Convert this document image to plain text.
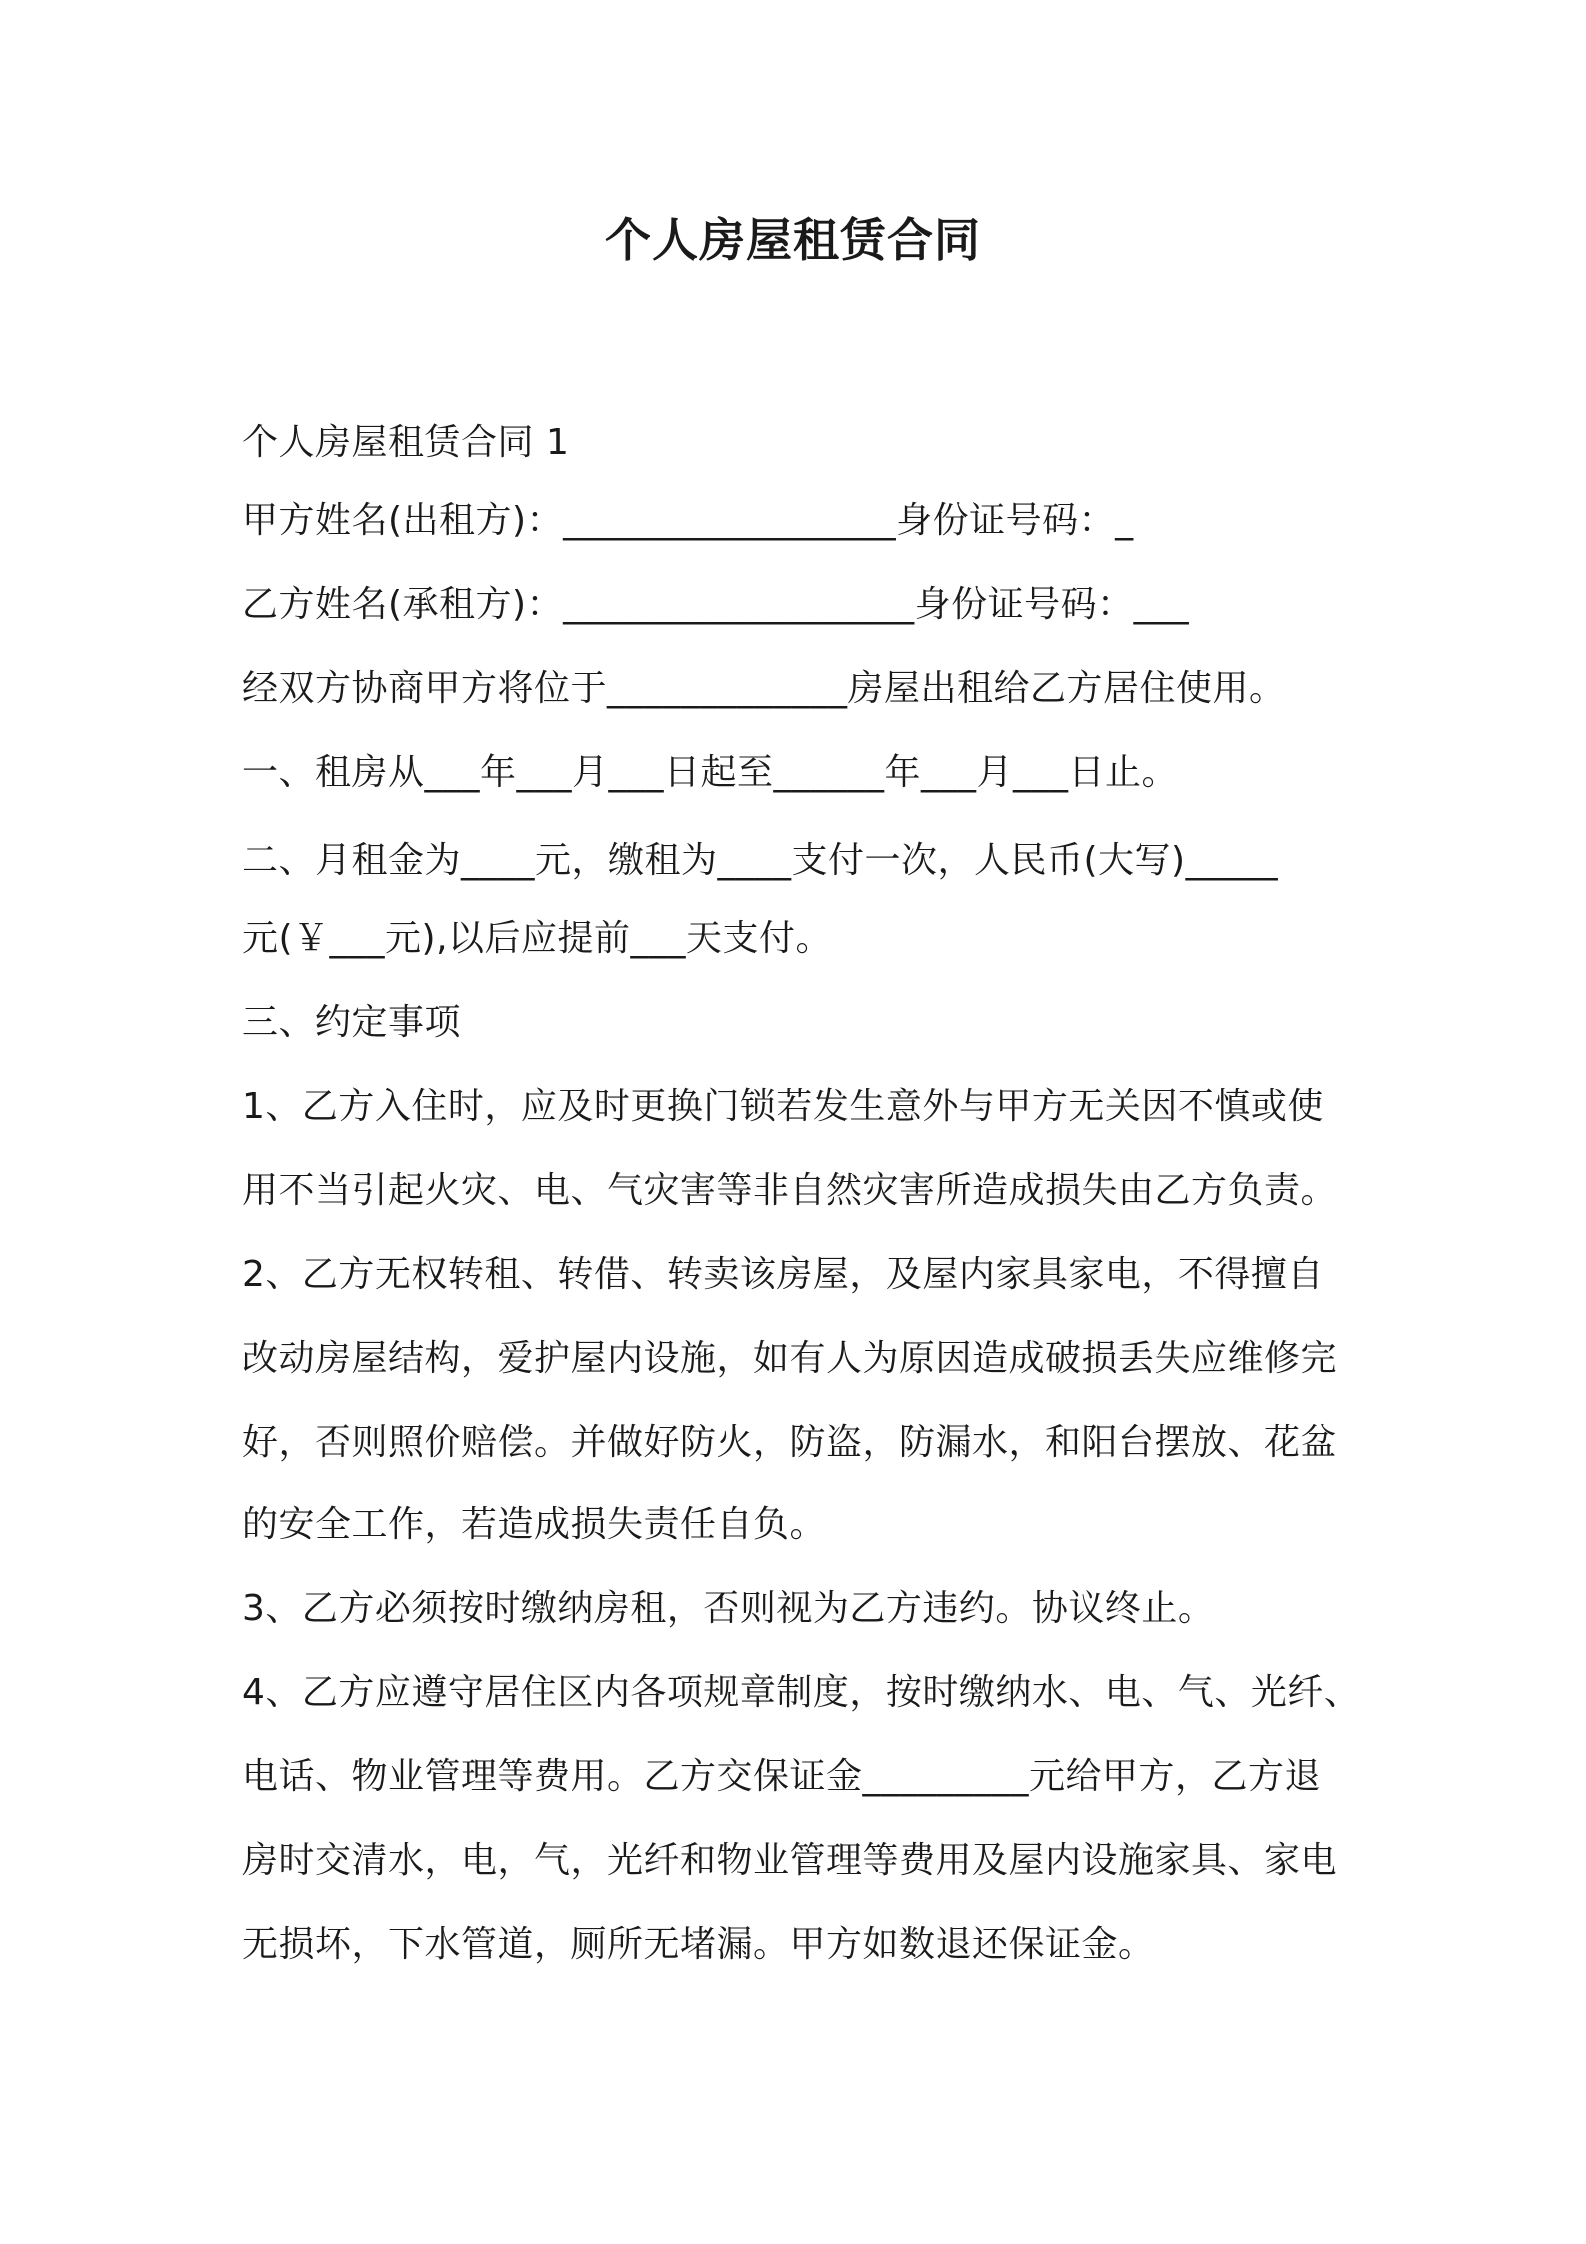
个人房屋租赁合同
个人房屋租赁合同 1
甲方姓名(出租方)：__________________身份证号码：_
乙方姓名(承租方)：___________________身份证号码：___
经双方协商甲方将位于_____________房屋出租给乙方居住使用。
一、租房从___年___月___日起至______年___月___日止。
二、月租金为____元，缴租为____支付一次，人民币(大写)_____
元(￥___元),以后应提前___天支付。
三、约定事项
1、乙方入住时，应及时更换门锁若发生意外与甲方无关因不慎或使
用不当引起火灾、电、气灾害等非自然灾害所造成损失由乙方负责。
2、乙方无权转租、转借、转卖该房屋，及屋内家具家电，不得擅自
改动房屋结构，爱护屋内设施，如有人为原因造成破损丢失应维修完
好，否则照价赔偿。并做好防火，防盗，防漏水，和阳台摆放、花盆
的安全工作，若造成损失责任自负。
3、乙方必须按时缴纳房租，否则视为乙方违约。协议终止。
4、乙方应遵守居住区内各项规章制度，按时缴纳水、电、气、光纤、
电话、物业管理等费用。乙方交保证金_________元给甲方，乙方退
房时交清水，电，气，光纤和物业管理等费用及屋内设施家具、家电
无损坏，下水管道，厕所无堵漏。甲方如数退还保证金。
